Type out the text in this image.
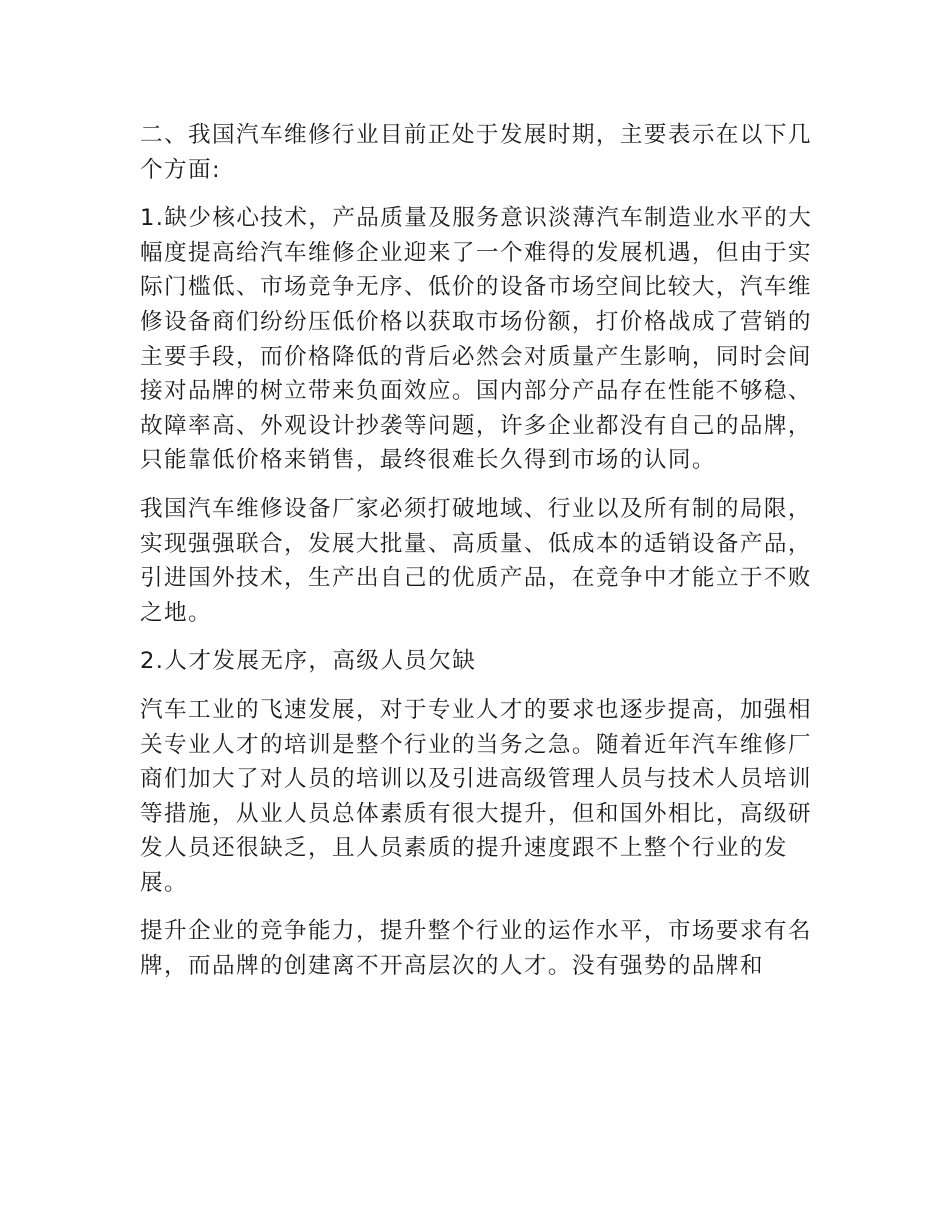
二、我国汽车维修行业目前正处于发展时期，主要表示在以下几个方面:

1.缺少核心技术，产品质量及服务意识淡薄汽车制造业水平的大幅度提高给汽车维修企业迎来了一个难得的发展机遇，但由于实际门槛低、市场竞争无序、低价的设备市场空间比较大，汽车维修设备商们纷纷压低价格以获取市场份额，打价格战成了营销的主要手段，而价格降低的背后必然会对质量产生影响，同时会间接对品牌的树立带来负面效应。国内部分产品存在性能不够稳、故障率高、外观设计抄袭等问题，许多企业都没有自己的品牌，只能靠低价格来销售，最终很难长久得到市场的认同。

我国汽车维修设备厂家必须打破地域、行业以及所有制的局限，实现强强联合，发展大批量、高质量、低成本的适销设备产品，引进国外技术，生产出自己的优质产品，在竞争中才能立于不败之地。

2.人才发展无序，高级人员欠缺

汽车工业的飞速发展，对于专业人才的要求也逐步提高，加强相关专业人才的培训是整个行业的当务之急。随着近年汽车维修厂商们加大了对人员的培训以及引进高级管理人员与技术人员培训等措施，从业人员总体素质有很大提升，但和国外相比，高级研发人员还很缺乏，且人员素质的提升速度跟不上整个行业的发展。

提升企业的竞争能力，提升整个行业的运作水平，市场要求有名牌，而品牌的创建离不开高层次的人才。没有强势的品牌和
